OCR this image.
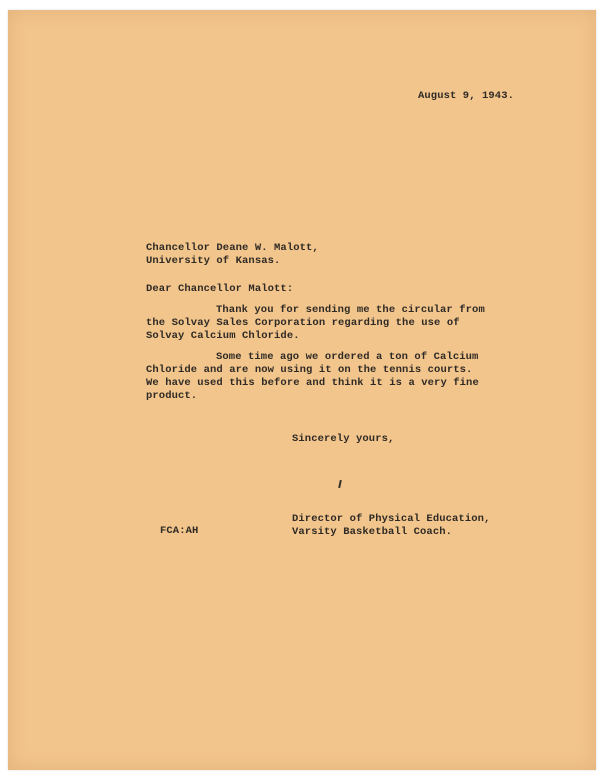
August 9, 1943.
Chancellor Deane W. Malott,
University of Kansas.
Dear Chancellor Malott:
Thank you for sending me the circular from
the Solvay Sales Corporation regarding the use of
Solvay Calcium Chloride.
Some time ago we ordered a ton of Calcium
Chloride and are now using it on the tennis courts.
We have used this before and think it is a very fine
product.
Sincerely yours,
Director of Physical Education,
Varsity Basketball Coach.
FCA:AH
